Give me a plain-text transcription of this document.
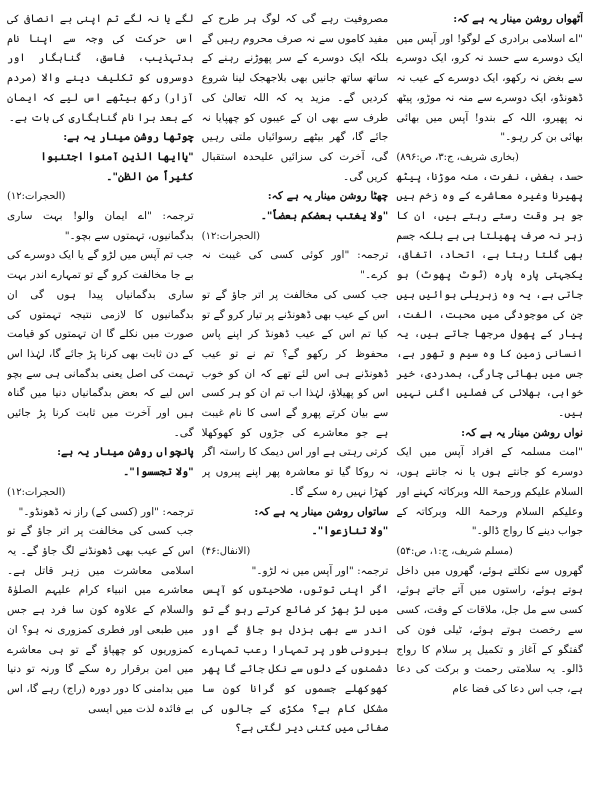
لگے یا نہ لگے تم اپنی بے انصافی کی اس حرکت کی وجہ سے اپنا نام بدتہذیب، فاسق، گناہگار اور دوسروں کو تکلیف دینے والا (مردم آزار) رکھ بیٹھے اس لیے کہ ایمان کے بعد برا نام گناہگاری کی بات ہے۔

چوتھا روشن مینار یہ ہے:

"یاایھا الذین آمنوا اجتنبوا کثیراً من الظن"۔

(الحجرات:۱۲)

ترجمہ: "اے ایمان والو! بہت ساری بدگمانیوں، تہمتوں سے بچو۔"

جب تم آپس میں لڑو گے یا ایک دوسرے کی بے جا مخالفت کرو گے تو تمہارے اندر بہت ساری بدگمانیاں پیدا ہوں گی ان بدگمانیوں کا لازمی نتیجہ تہمتوں کی صورت میں نکلے گا ان تہمتوں کو قیامت کے دن ثابت بھی کرنا پڑ جائے گا، لہٰذا اس تہمت کی اصل یعنی بدگمانی ہی سے بچو اس لیے کہ بعض بدگمانیاں دنیا میں گناہ ہیں اور آخرت میں ثابت کرنا پڑ جائیں گی۔

پانچواں روشن مینار یہ ہے:

"ولا تجسسوا"۔

(الحجرات:۱۲)

ترجمہ: "اور (کسی کے) راز نہ ڈھونڈو۔"

جب کسی کی مخالفت پر اتر جاؤ گے تو اس کے عیب بھی ڈھونڈنے لگ جاؤ گے۔ یہ اسلامی معاشرت میں زہر قاتل ہے۔ معاشرے میں انبیاء کرام علیہم الصلوٰۃ والسلام کے علاوہ کون سا فرد ہے جس میں طبعی اور فطری کمزوری نہ ہو؟ ان کمزوریوں کو چھپاؤ گے تو ہی معاشرے میں امن برقرار رہ سکے گا ورنہ تو دنیا میں بدامنی کا دور دورہ (راج) رہے گا، اس بے فائدہ لذت میں ایسی

مصروفیت رہے گی کہ لوگ ہر طرح کے مفید کاموں سے نہ صرف محروم رہیں گے بلکہ ایک دوسرے کے سر پھوڑنے رہنے کے ساتھ ساتھ جانیں بھی بلاجھجک لینا شروع کردیں گے۔ مزید یہ کہ اللہ تعالیٰ کی طرف سے بھی ان کے عیبوں کو چھپایا نہ جائے گا، گھر بیٹھے رسوائیاں ملتی رہیں گی، آخرت کی سزائیں علیحدہ استقبال کریں گی۔

چھٹا روشن مینار یہ ہے کہ:

"ولا یغتب بعضکم بعضاً"۔

(الحجرات:۱۲)

ترجمہ: "اور کوئی کسی کی غیبت نہ کرے۔"

جب کسی کی مخالفت پر اتر جاؤ گے تو اس کے عیب بھی ڈھونڈنے پر تیار کرو گے تو کیا تم اس کے عیب ڈھونڈ کر اپنے پاس محفوظ کر رکھو گے؟ تم نے تو عیب ڈھونڈنے ہی اس لئے تھے کہ ان کو خوب اس کو پھیلاؤ، لہٰذا اب تم ان کو ہر کسی سے بیان کرتے پھرو گے اسی کا نام غیبت ہے جو معاشرے کی جڑوں کو کھوکھلا کرتی رہتی ہے اور اس دیمک کا راستہ اگر نہ روکا گیا تو معاشرہ پھر اپنے پیروں پر کھڑا نہیں رہ سکے گا۔

ساتواں روشن مینار یہ ہے کہ:

"ولا تنازعوا"۔

(الانفال:۴۶)

ترجمہ: "اور آپس میں نہ لڑو۔"

اگر اپنی توتوں، صلاحیتوں کو آپس میں لڑ بھڑ کر ضائع کرتے رہو گے تو اندر سے بھی بزدل ہو جاؤ گے اور بیرونی طور پر تمہارا رعب تمہارے دشمنوں کے دلوں سے نکل جائے گا پھر کھوکھلے جسموں کو گرانا کون سا مشکل کام ہے؟ مکڑی کے جالوں کی صفائی میں کتنی دیر لگتی ہے؟

آٹھواں روشن مینار یہ ہے کہ:

"اے اسلامی برادری کے لوگو! اور آپس میں ایک دوسرے سے حسد نہ کرو، ایک دوسرے سے بغض نہ رکھو، ایک دوسرے کے عیب نہ ڈھونڈو، ایک دوسرے سے منہ نہ موڑو، پیٹھ نہ پھیرو، اللہ کے بندو! آپس میں بھائی بھائی بن کر رہو۔"

(بخاری شریف، ج:۳، ص:۸۹۶)

حسد، بغض، نفرت، منہ موڑنا، پیٹھ پھیرنا وغیرہ معاشرے کے وہ زخم ہیں جو ہر وقت رستے رہتے ہیں، ان کا زہر نہ صرف پھیلتا ہی ہے بلکہ جسم بھی گلتا رہتا ہے، اتحاد، اتفاق، یکجہتی پارہ پارہ (ٹوٹ پھوٹ) ہو جاتی ہے، یہ وہ زہریلی ہوائیں ہیں جن کی موجودگی میں محبت، الفت، پیار کے پھول مرجھا جاتے ہیں، یہ انسانی زمین کا وہ سیم و تھور ہے، جس میں بھائی چارگی، ہمدردی، خیر خواہی، بھلائی کی فصلیں اگنی نہیں ہیں۔

نواں روشن مینار یہ ہے کہ:

"امت مسلمہ کے افراد آپس میں ایک دوسرے کو جانتے ہوں یا نہ جانتے ہوں، السلام علیکم ورحمۃ اللہ وبرکاتہ کہنے اور وعلیکم السلام ورحمۃ اللہ وبرکاتہ کے جواب دینے کا رواج ڈالو۔"

(مسلم شریف، ج:۱، ص:۵۴)

گھروں سے نکلتے ہوئے، گھروں میں داخل ہوتے ہوئے، راستوں میں آتے جاتے ہوئے، کسی سے مل جل، ملاقات کے وقت، کسی سے رخصت ہوتے ہوئے، ٹیلی فون کی گفتگو کے آغاز و تکمیل پر سلام کا رواج ڈالو۔ یہ سلامتی رحمت و برکت کی دعا ہے، جب اس دعا کی فضا عام
